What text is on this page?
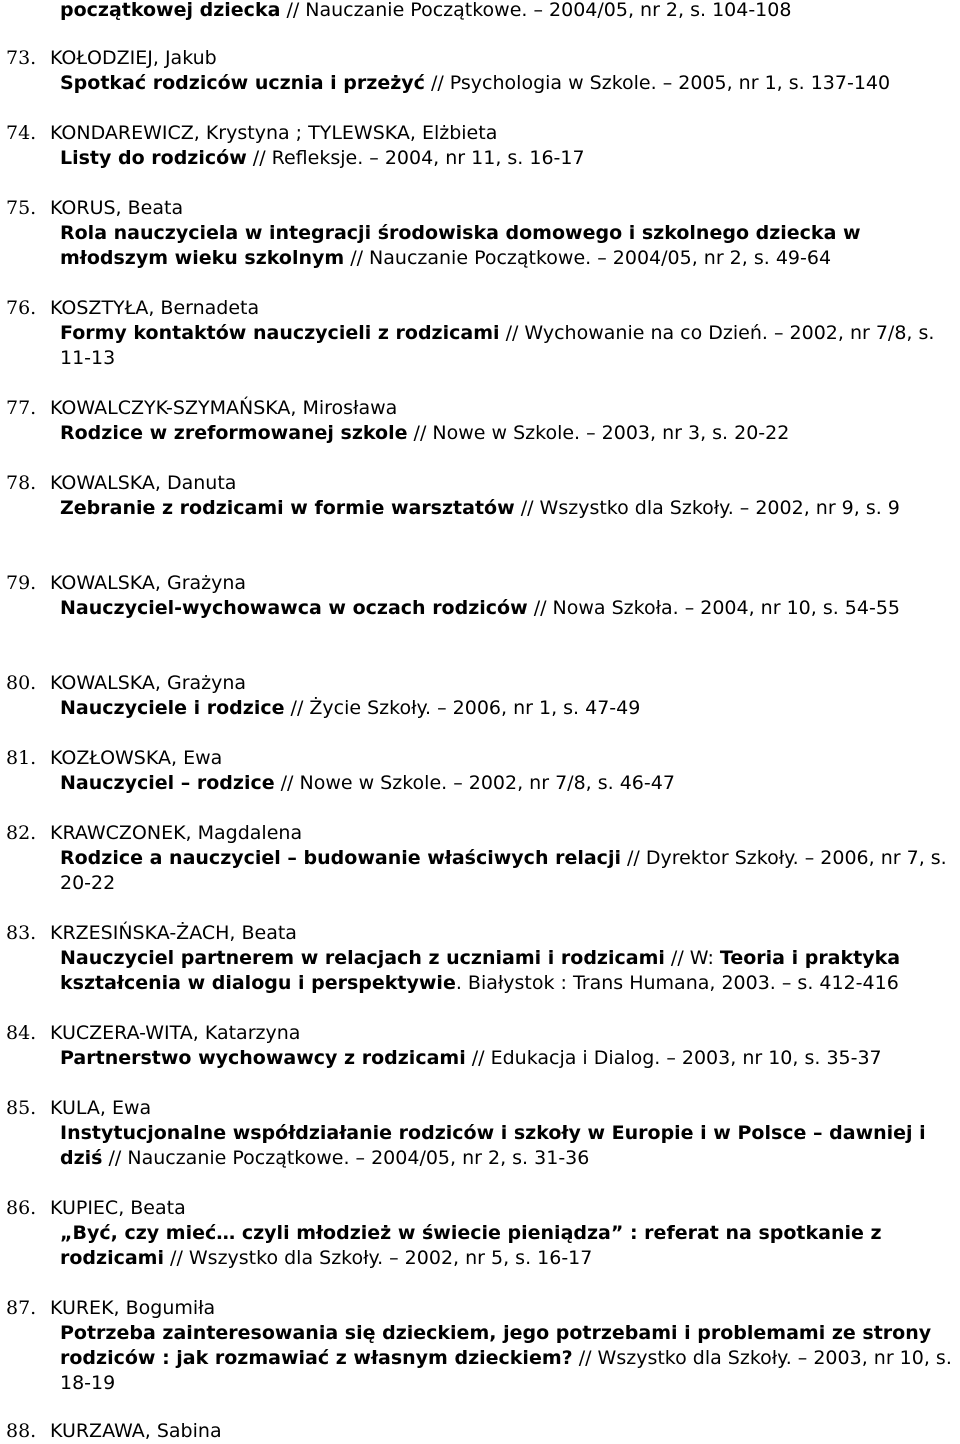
początkowej dziecka // Nauczanie Początkowe. – 2004/05, nr 2, s. 104-108
73. KOŁODZIEJ, Jakub
Spotkać rodziców ucznia i przeżyć // Psychologia w Szkole. – 2005, nr 1, s. 137-140
74. KONDAREWICZ, Krystyna ; TYLEWSKA, Elżbieta
Listy do rodziców // Refleksje. – 2004, nr 11, s. 16-17
75. KORUS, Beata
Rola nauczyciela w integracji środowiska domowego i szkolnego dziecka w młodszym wieku szkolnym // Nauczanie Początkowe. – 2004/05, nr 2, s. 49-64
76. KOSZTYŁA, Bernadeta
Formy kontaktów nauczycieli z rodzicami // Wychowanie na co Dzień. – 2002, nr 7/8, s. 11-13
77. KOWALCZYK-SZYMAŃSKA, Mirosława
Rodzice w zreformowanej szkole // Nowe w Szkole. – 2003, nr 3, s. 20-22
78. KOWALSKA, Danuta
Zebranie z rodzicami w formie warsztatów // Wszystko dla Szkoły. – 2002, nr 9, s. 9
79. KOWALSKA, Grażyna
Nauczyciel-wychowawca w oczach rodziców // Nowa Szkoła. – 2004, nr 10, s. 54-55
80. KOWALSKA, Grażyna
Nauczyciele i rodzice // Życie Szkoły. – 2006, nr 1, s. 47-49
81. KOZŁOWSKA, Ewa
Nauczyciel – rodzice // Nowe w Szkole. – 2002, nr 7/8, s. 46-47
82. KRAWCZONEK, Magdalena
Rodzice a nauczyciel – budowanie właściwych relacji // Dyrektor Szkoły. – 2006, nr 7, s. 20-22
83. KRZESIŃSKA-ŻACH, Beata
Nauczyciel partnerem w relacjach z uczniami i rodzicami // W: Teoria i praktyka kształcenia w dialogu i perspektywie. Białystok : Trans Humana, 2003. – s. 412-416
84. KUCZERA-WITA, Katarzyna
Partnerstwo wychowawcy z rodzicami // Edukacja i Dialog. – 2003, nr 10, s. 35-37
85. KULA, Ewa
Instytucjonalne współdziałanie rodziców i szkoły w Europie i w Polsce – dawniej i dziś // Nauczanie Początkowe. – 2004/05, nr 2, s. 31-36
86. KUPIEC, Beata
„Być, czy mieć… czyli młodzież w świecie pieniądza” : referat na spotkanie z rodzicami // Wszystko dla Szkoły. – 2002, nr 5, s. 16-17
87. KUREK, Bogumiła
Potrzeba zainteresowania się dzieckiem, jego potrzebami i problemami ze strony rodziców : jak rozmawiać z własnym dzieckiem? // Wszystko dla Szkoły. – 2003, nr 10, s. 18-19
88. KURZAWA, Sabina
